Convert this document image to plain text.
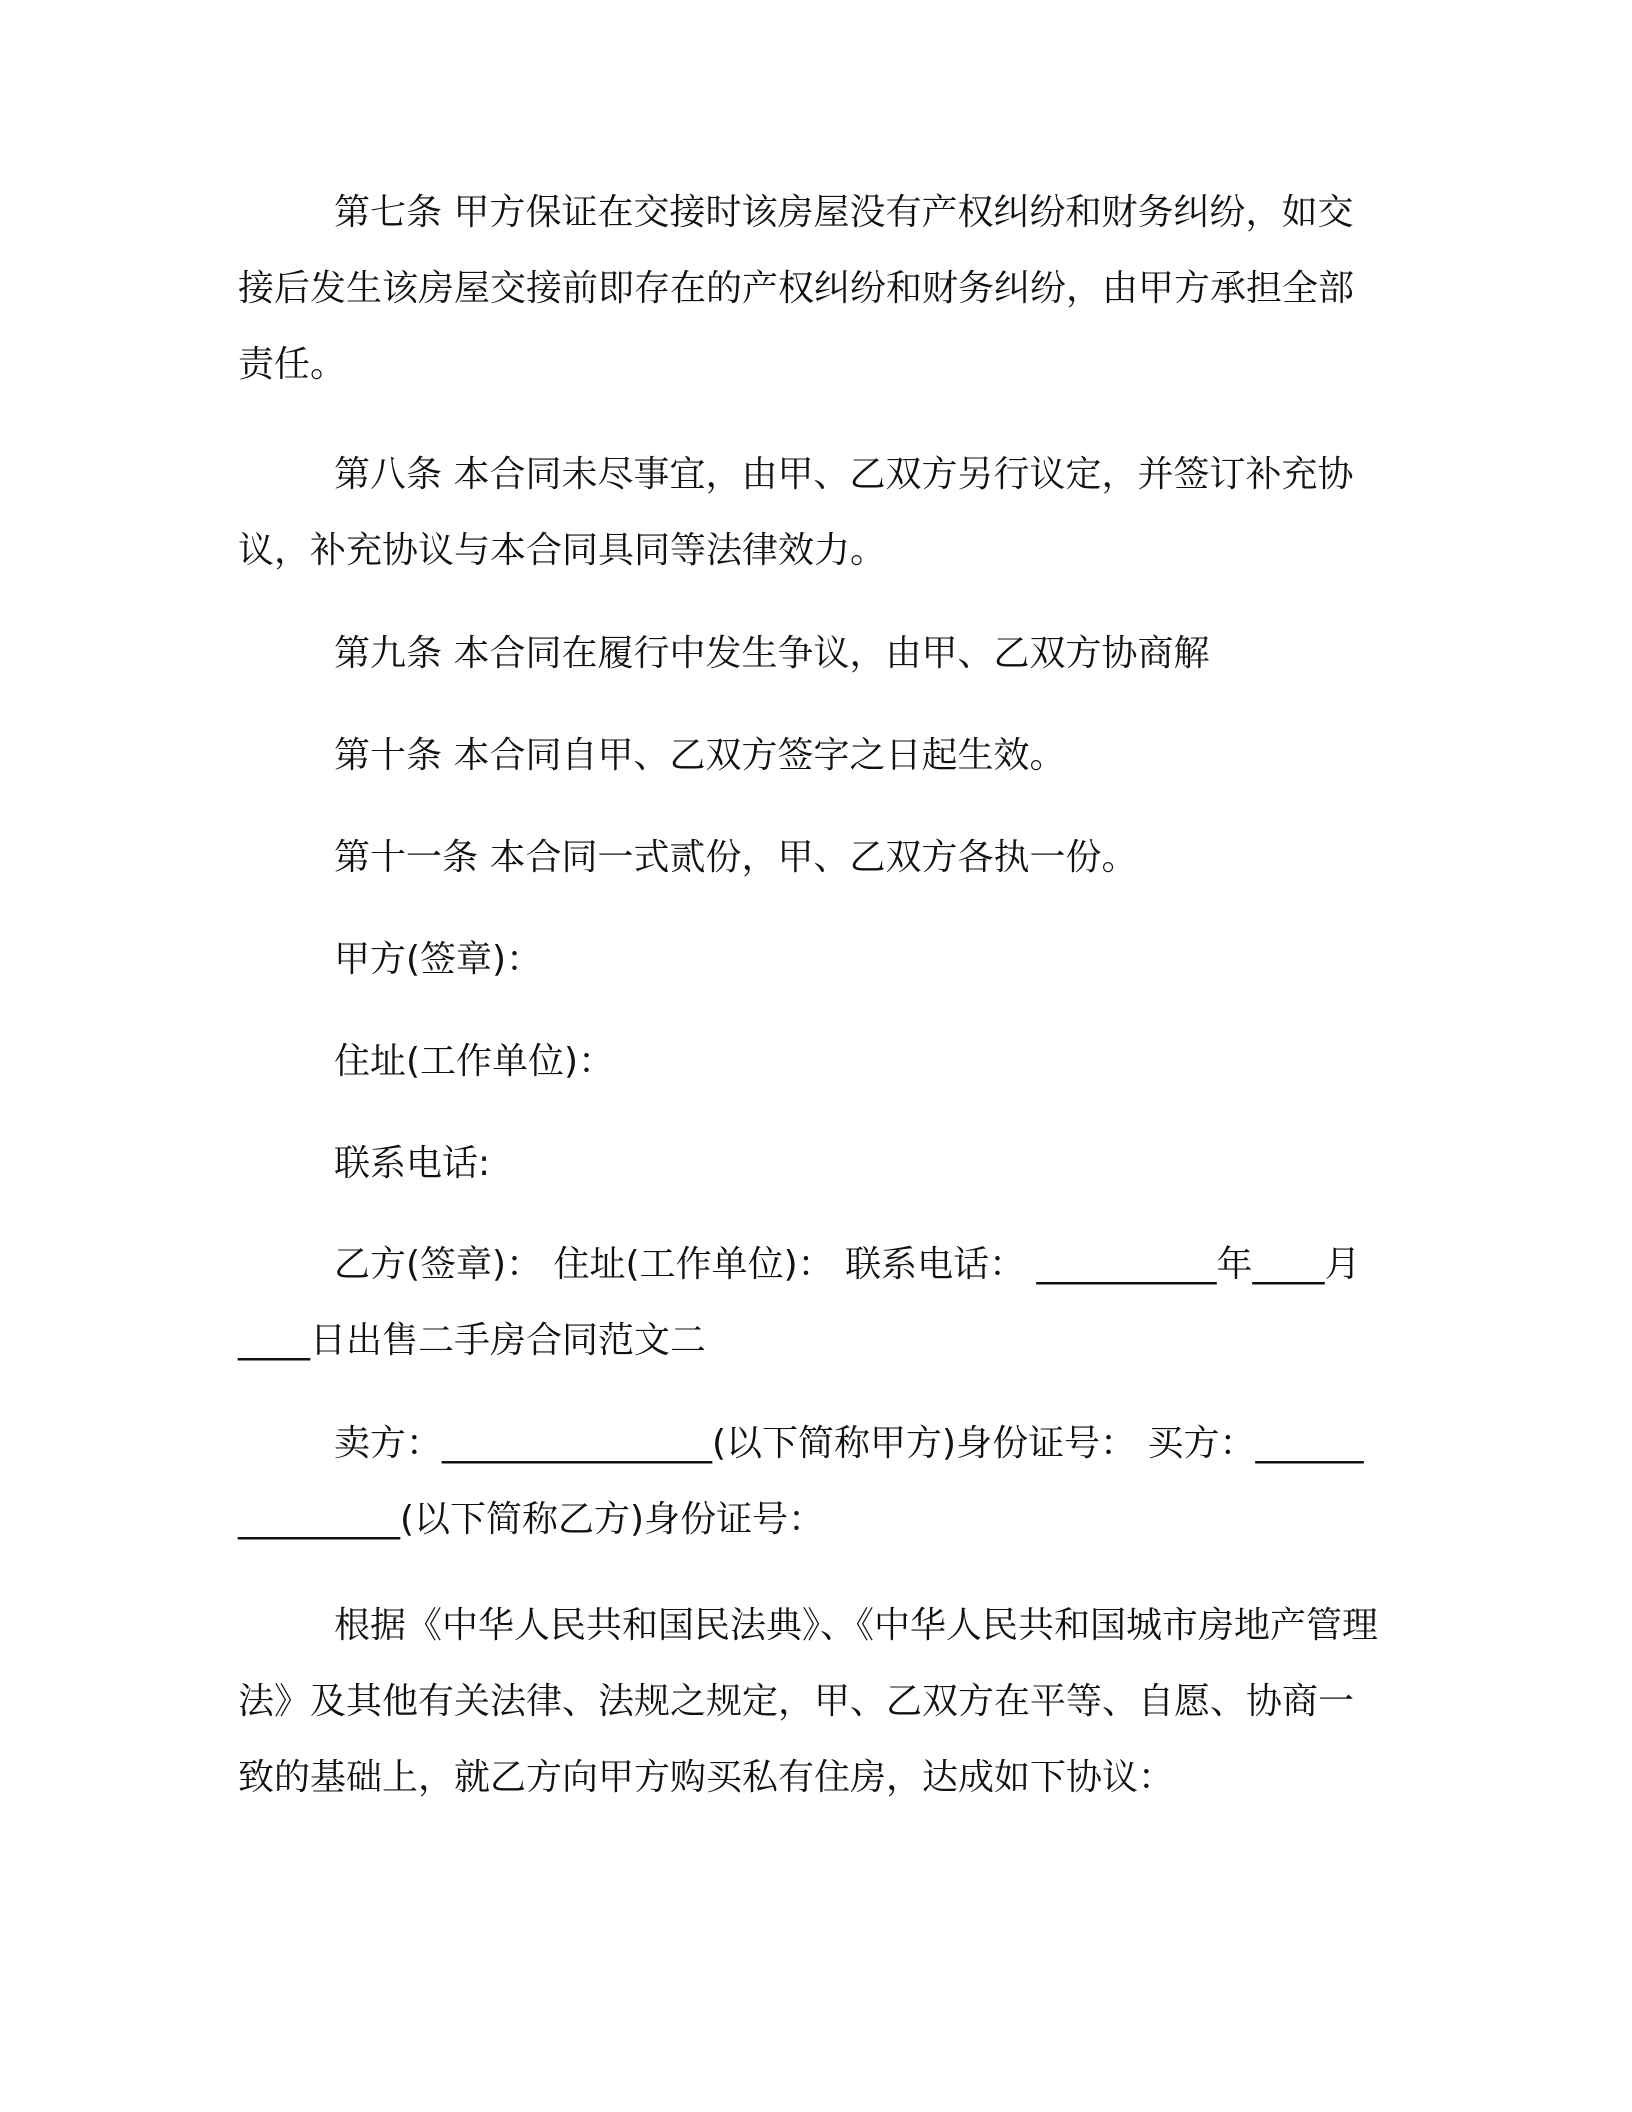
第七条 甲方保证在交接时该房屋没有产权纠纷和财务纠纷，如交接后发生该房屋交接前即存在的产权纠纷和财务纠纷，由甲方承担全部责任。

第八条 本合同未尽事宜，由甲、乙双方另行议定，并签订补充协议，补充协议与本合同具同等法律效力。

第九条 本合同在履行中发生争议，由甲、乙双方协商解

第十条 本合同自甲、乙双方签字之日起生效。

第十一条 本合同一式贰份，甲、乙双方各执一份。

甲方(签章)：

住址(工作单位)：

联系电话:

乙方(签章)： 住址(工作单位)： 联系电话： __________年____月____日出售二手房合同范文二

卖方：_______________(以下简称甲方)身份证号： 买方：_______________(以下简称乙方)身份证号：

根据《中华人民共和国民法典》、《中华人民共和国城市房地产管理法》及其他有关法律、法规之规定，甲、乙双方在平等、自愿、协商一致的基础上，就乙方向甲方购买私有住房，达成如下协议：
